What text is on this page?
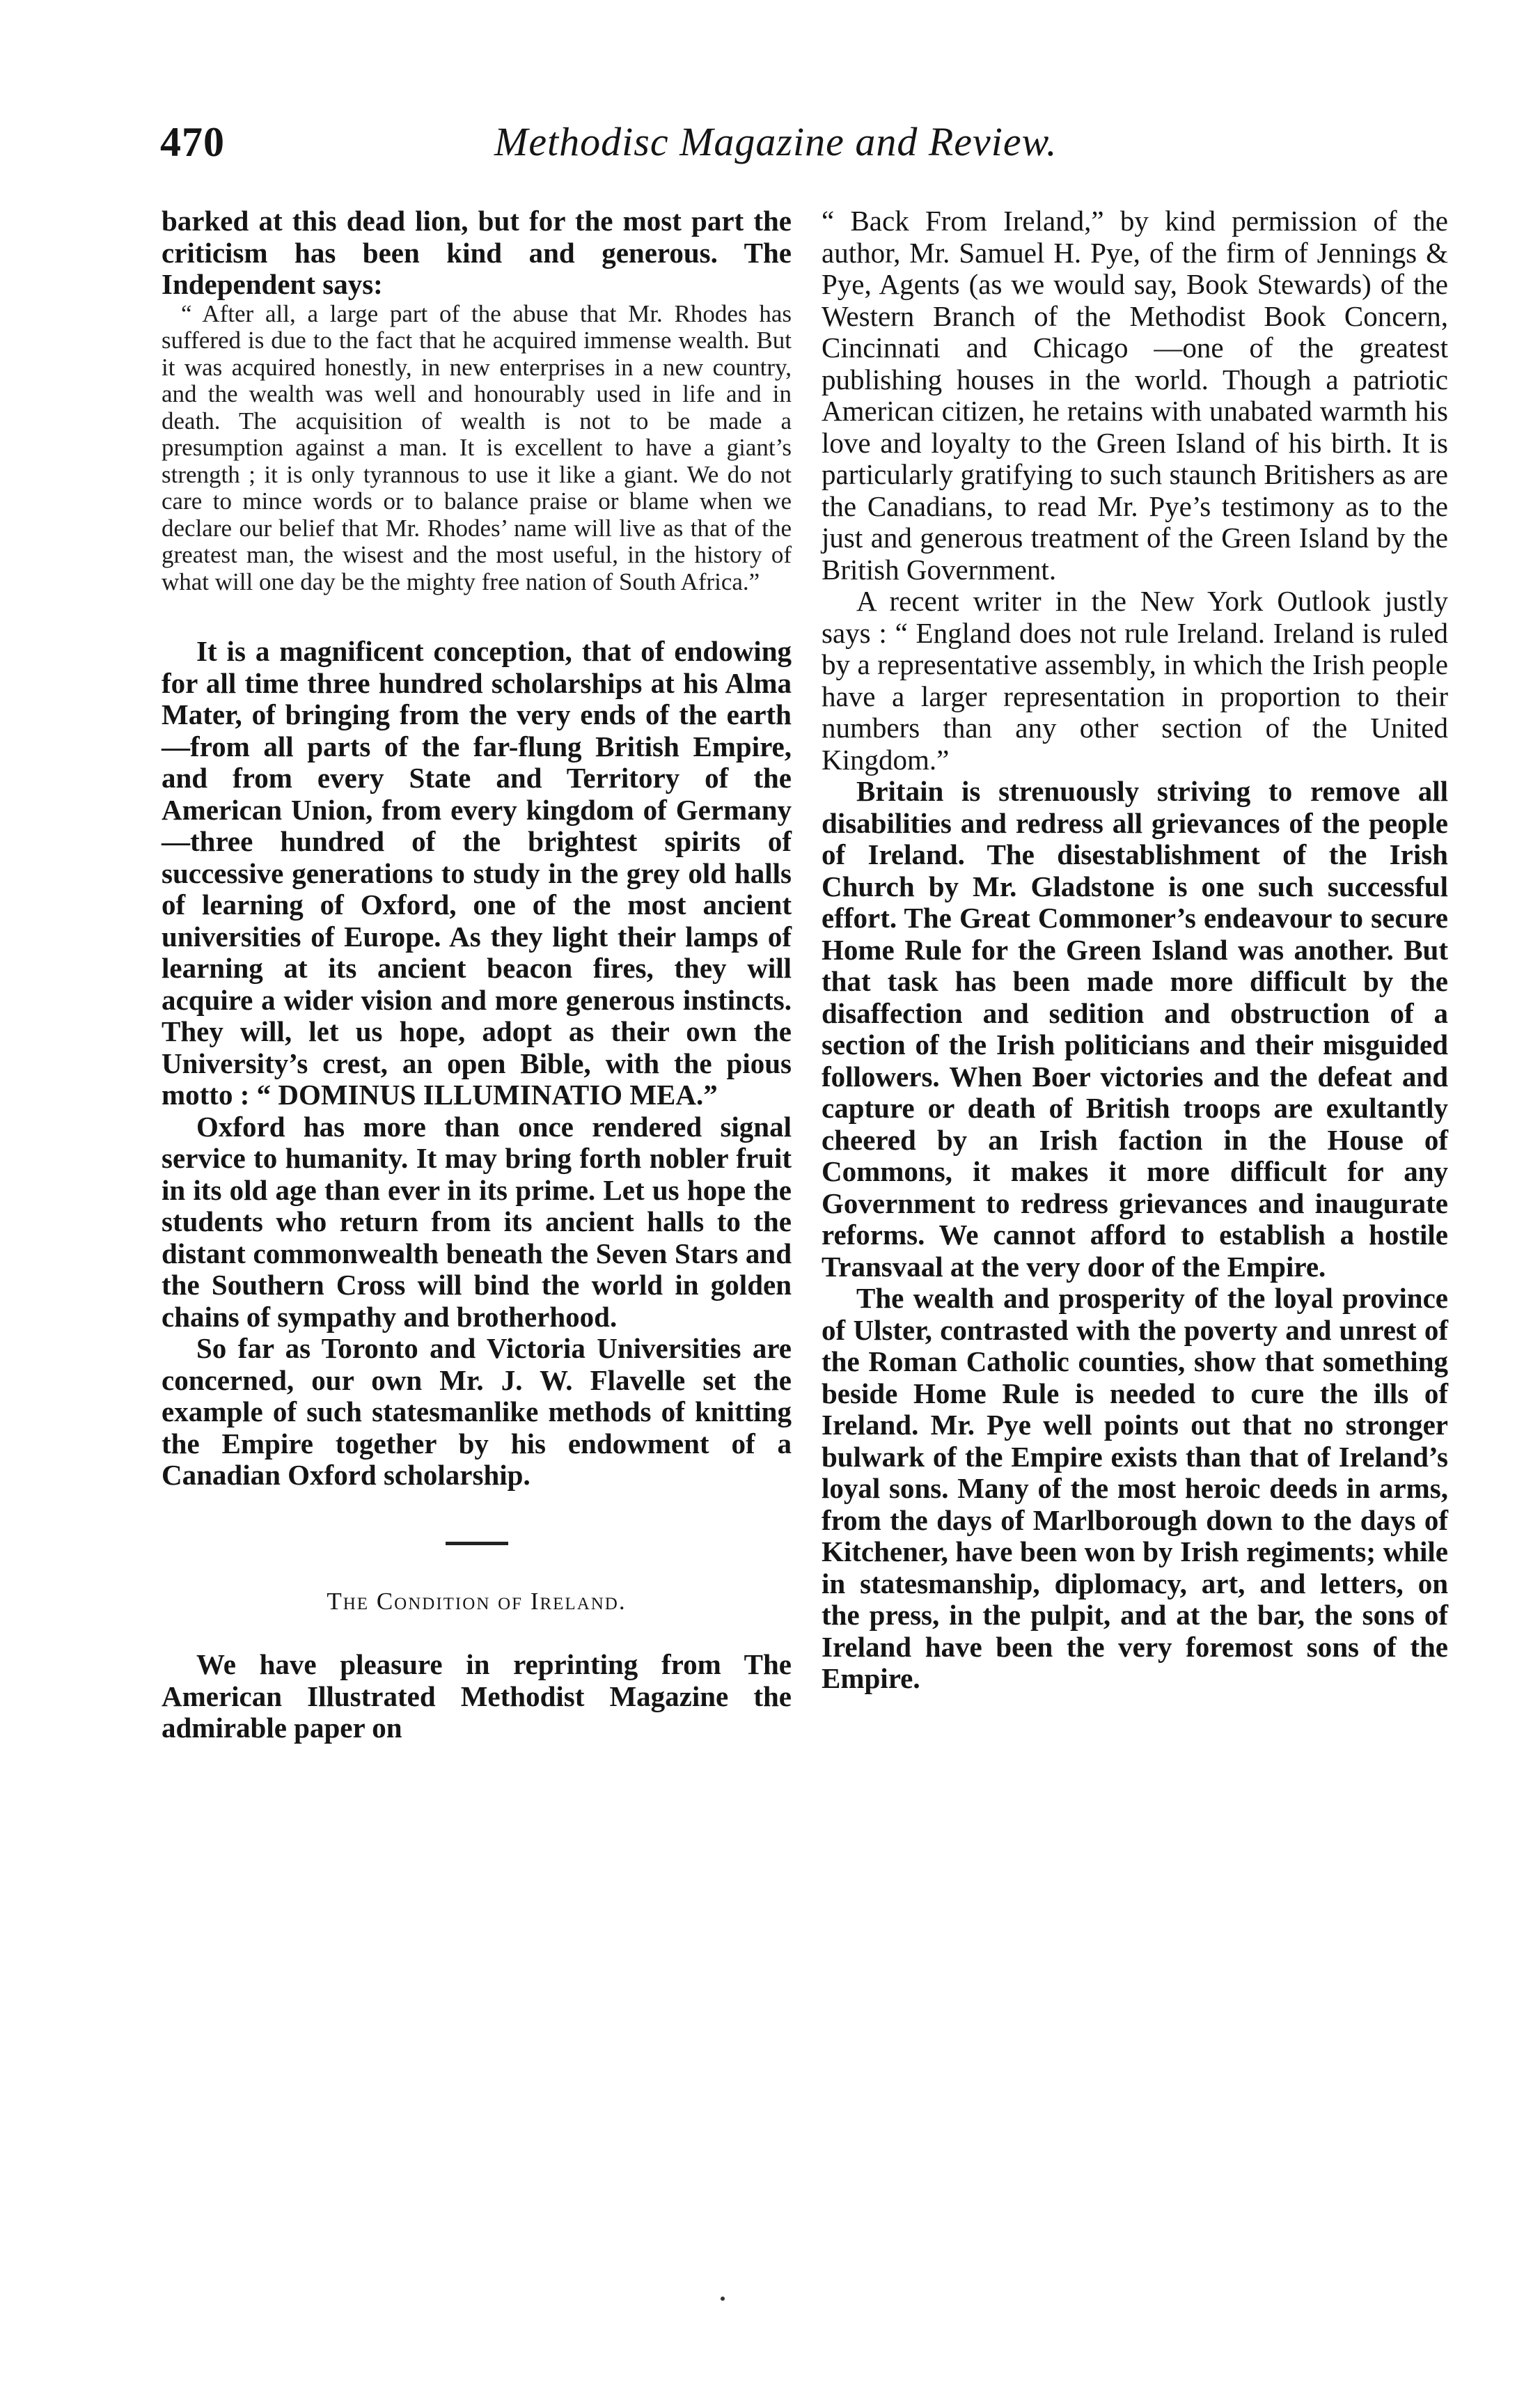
470	Methodisc Magazine and Review.

barked at this dead lion, but for the most part the criticism has been kind and generous. The Independent says:

“ After all, a large part of the abuse that Mr. Rhodes has suffered is due to the fact that he acquired immense wealth. But it was acquired honestly, in new enterprises in a new country, and the wealth was well and honourably used in life and in death. The acquisition of wealth is not to be made a presumption against a man. It is excellent to have a giant’s strength ; it is only tyrannous to use it like a giant. We do not care to mince words or to balance praise or blame when we declare our belief that Mr. Rhodes’ name will live as that of the greatest man, the wisest and the most useful, in the history of what will one day be the mighty free nation of South Africa.”

It is a magnificent conception, that of endowing for all time three hundred scholarships at his Alma Mater, of bringing from the very ends of the earth—from all parts of the far-flung British Empire, and from every State and Territory of the American Union, from every kingdom of Germany—three hundred of the brightest spirits of successive generations to study in the grey old halls of learning of Oxford, one of the most ancient universities of Europe. As they light their lamps of learning at its ancient beacon fires, they will acquire a wider vision and more generous instincts. They will, let us hope, adopt as their own the University’s crest, an open Bible, with the pious motto : “ DOMINUS ILLUMINATIO MEA.”

Oxford has more than once rendered signal service to humanity. It may bring forth nobler fruit in its old age than ever in its prime. Let us hope the students who return from its ancient halls to the distant commonwealth beneath the Seven Stars and the Southern Cross will bind the world in golden chains of sympathy and brotherhood.

So far as Toronto and Victoria Universities are concerned, our own Mr. J. W. Flavelle set the example of such statesmanlike methods of knitting the Empire together by his endowment of a Canadian Oxford scholarship.

The Condition of Ireland.

We have pleasure in reprinting from The American Illustrated Methodist Magazine the admirable paper on

“ Back From Ireland,” by kind permission of the author, Mr. Samuel H. Pye, of the firm of Jennings & Pye, Agents (as we would say, Book Stewards) of the Western Branch of the Methodist Book Concern, Cincinnati and Chicago —one of the greatest publishing houses in the world. Though a patriotic American citizen, he retains with unabated warmth his love and loyalty to the Green Island of his birth. It is particularly gratifying to such staunch Britishers as are the Canadians, to read Mr. Pye’s testimony as to the just and generous treatment of the Green Island by the British Government.

A recent writer in the New York Outlook justly says : “ England does not rule Ireland. Ireland is ruled by a representative assembly, in which the Irish people have a larger representation in proportion to their numbers than any other section of the United Kingdom.”

Britain is strenuously striving to remove all disabilities and redress all grievances of the people of Ireland. The disestablishment of the Irish Church by Mr. Gladstone is one such successful effort. The Great Commoner’s endeavour to secure Home Rule for the Green Island was another. But that task has been made more difficult by the disaffection and sedition and obstruction of a section of the Irish politicians and their misguided followers. When Boer victories and the defeat and capture or death of British troops are exultantly cheered by an Irish faction in the House of Commons, it makes it more difficult for any Government to redress grievances and inaugurate reforms. We cannot afford to establish a hostile Transvaal at the very door of the Empire.

The wealth and prosperity of the loyal province of Ulster, contrasted with the poverty and unrest of the Roman Catholic counties, show that something beside Home Rule is needed to cure the ills of Ireland. Mr. Pye well points out that no stronger bulwark of the Empire exists than that of Ireland’s loyal sons. Many of the most heroic deeds in arms, from the days of Marlborough down to the days of Kitchener, have been won by Irish regiments; while in statesmanship, diplomacy, art, and letters, on the press, in the pulpit, and at the bar, the sons of Ireland have been the very foremost sons of the Empire.
